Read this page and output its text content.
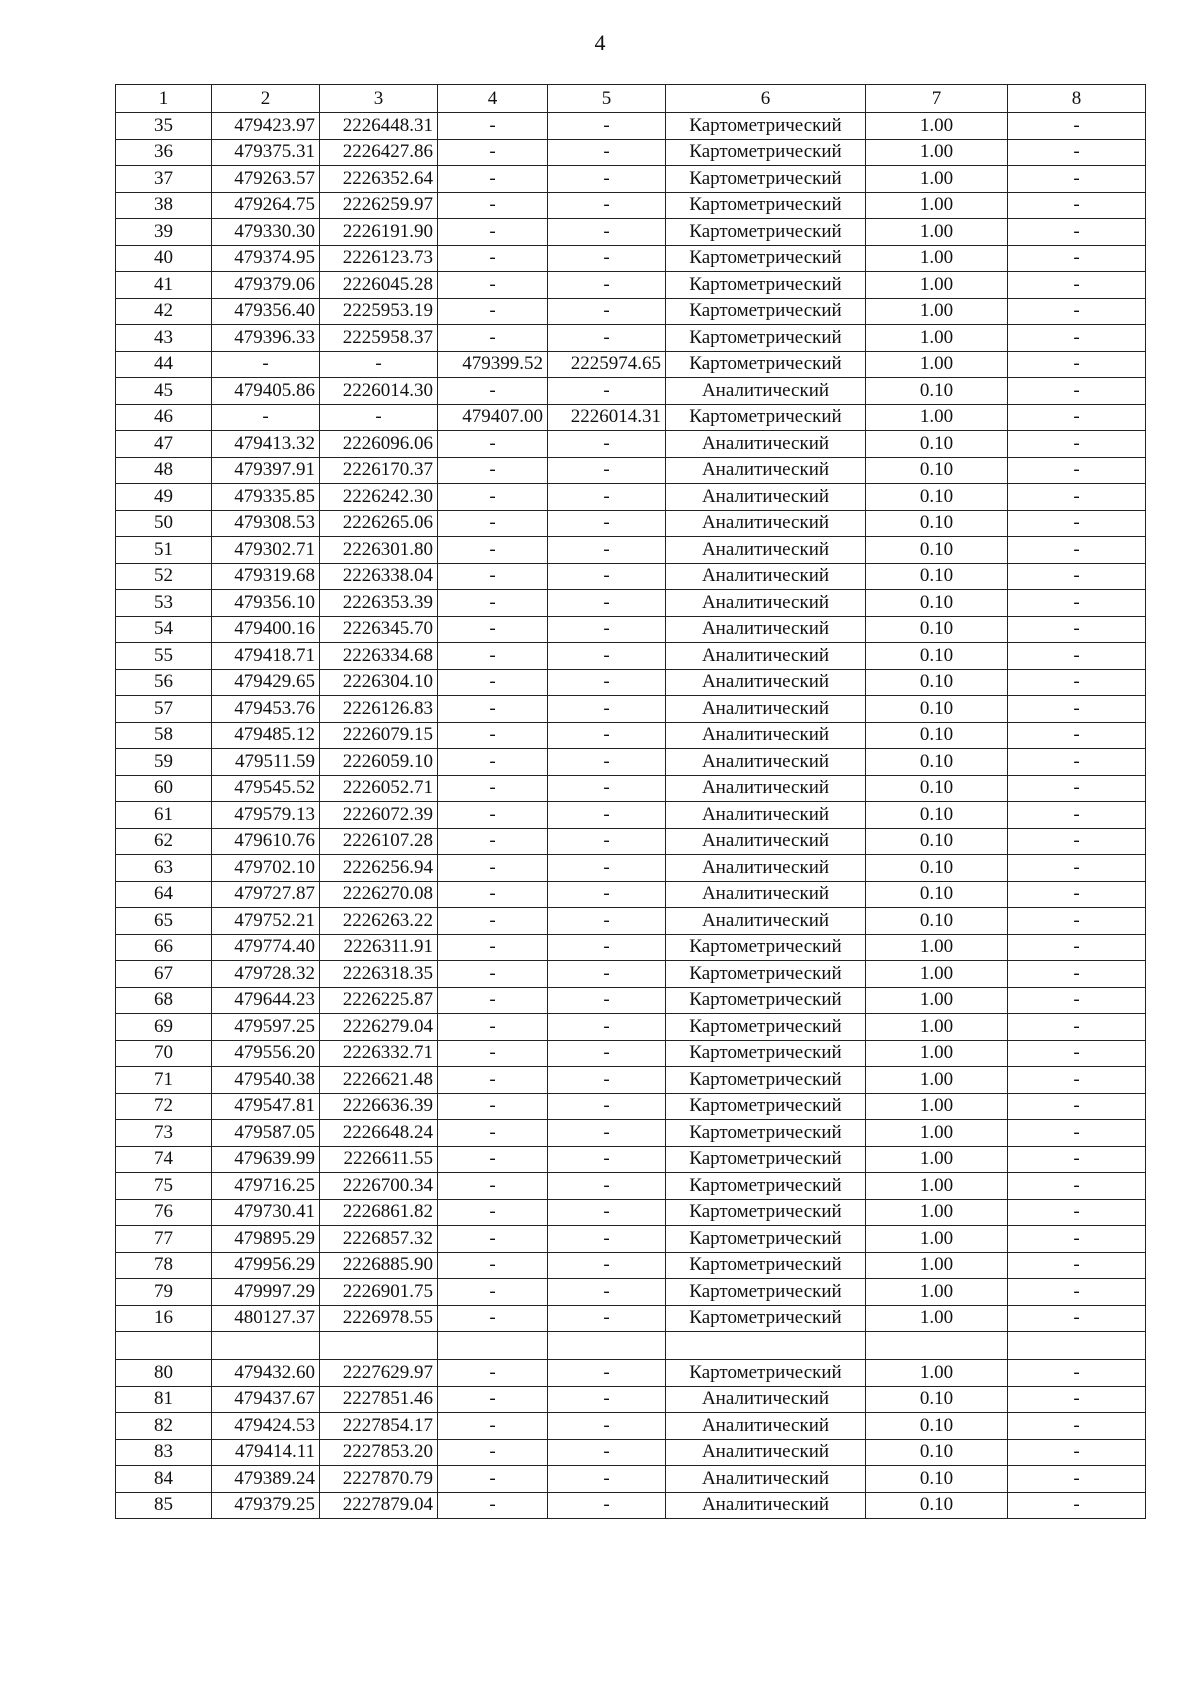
4
1	2	3	4	5	6	7	8
35	479423.97	2226448.31	-	-	Картометрический	1.00	-
36	479375.31	2226427.86	-	-	Картометрический	1.00	-
37	479263.57	2226352.64	-	-	Картометрический	1.00	-
38	479264.75	2226259.97	-	-	Картометрический	1.00	-
39	479330.30	2226191.90	-	-	Картометрический	1.00	-
40	479374.95	2226123.73	-	-	Картометрический	1.00	-
41	479379.06	2226045.28	-	-	Картометрический	1.00	-
42	479356.40	2225953.19	-	-	Картометрический	1.00	-
43	479396.33	2225958.37	-	-	Картометрический	1.00	-
44	-	-	479399.52	2225974.65	Картометрический	1.00	-
45	479405.86	2226014.30	-	-	Аналитический	0.10	-
46	-	-	479407.00	2226014.31	Картометрический	1.00	-
47	479413.32	2226096.06	-	-	Аналитический	0.10	-
48	479397.91	2226170.37	-	-	Аналитический	0.10	-
49	479335.85	2226242.30	-	-	Аналитический	0.10	-
50	479308.53	2226265.06	-	-	Аналитический	0.10	-
51	479302.71	2226301.80	-	-	Аналитический	0.10	-
52	479319.68	2226338.04	-	-	Аналитический	0.10	-
53	479356.10	2226353.39	-	-	Аналитический	0.10	-
54	479400.16	2226345.70	-	-	Аналитический	0.10	-
55	479418.71	2226334.68	-	-	Аналитический	0.10	-
56	479429.65	2226304.10	-	-	Аналитический	0.10	-
57	479453.76	2226126.83	-	-	Аналитический	0.10	-
58	479485.12	2226079.15	-	-	Аналитический	0.10	-
59	479511.59	2226059.10	-	-	Аналитический	0.10	-
60	479545.52	2226052.71	-	-	Аналитический	0.10	-
61	479579.13	2226072.39	-	-	Аналитический	0.10	-
62	479610.76	2226107.28	-	-	Аналитический	0.10	-
63	479702.10	2226256.94	-	-	Аналитический	0.10	-
64	479727.87	2226270.08	-	-	Аналитический	0.10	-
65	479752.21	2226263.22	-	-	Аналитический	0.10	-
66	479774.40	2226311.91	-	-	Картометрический	1.00	-
67	479728.32	2226318.35	-	-	Картометрический	1.00	-
68	479644.23	2226225.87	-	-	Картометрический	1.00	-
69	479597.25	2226279.04	-	-	Картометрический	1.00	-
70	479556.20	2226332.71	-	-	Картометрический	1.00	-
71	479540.38	2226621.48	-	-	Картометрический	1.00	-
72	479547.81	2226636.39	-	-	Картометрический	1.00	-
73	479587.05	2226648.24	-	-	Картометрический	1.00	-
74	479639.99	2226611.55	-	-	Картометрический	1.00	-
75	479716.25	2226700.34	-	-	Картометрический	1.00	-
76	479730.41	2226861.82	-	-	Картометрический	1.00	-
77	479895.29	2226857.32	-	-	Картометрический	1.00	-
78	479956.29	2226885.90	-	-	Картометрический	1.00	-
79	479997.29	2226901.75	-	-	Картометрический	1.00	-
16	480127.37	2226978.55	-	-	Картометрический	1.00	-

80	479432.60	2227629.97	-	-	Картометрический	1.00	-
81	479437.67	2227851.46	-	-	Аналитический	0.10	-
82	479424.53	2227854.17	-	-	Аналитический	0.10	-
83	479414.11	2227853.20	-	-	Аналитический	0.10	-
84	479389.24	2227870.79	-	-	Аналитический	0.10	-
85	479379.25	2227879.04	-	-	Аналитический	0.10	-
